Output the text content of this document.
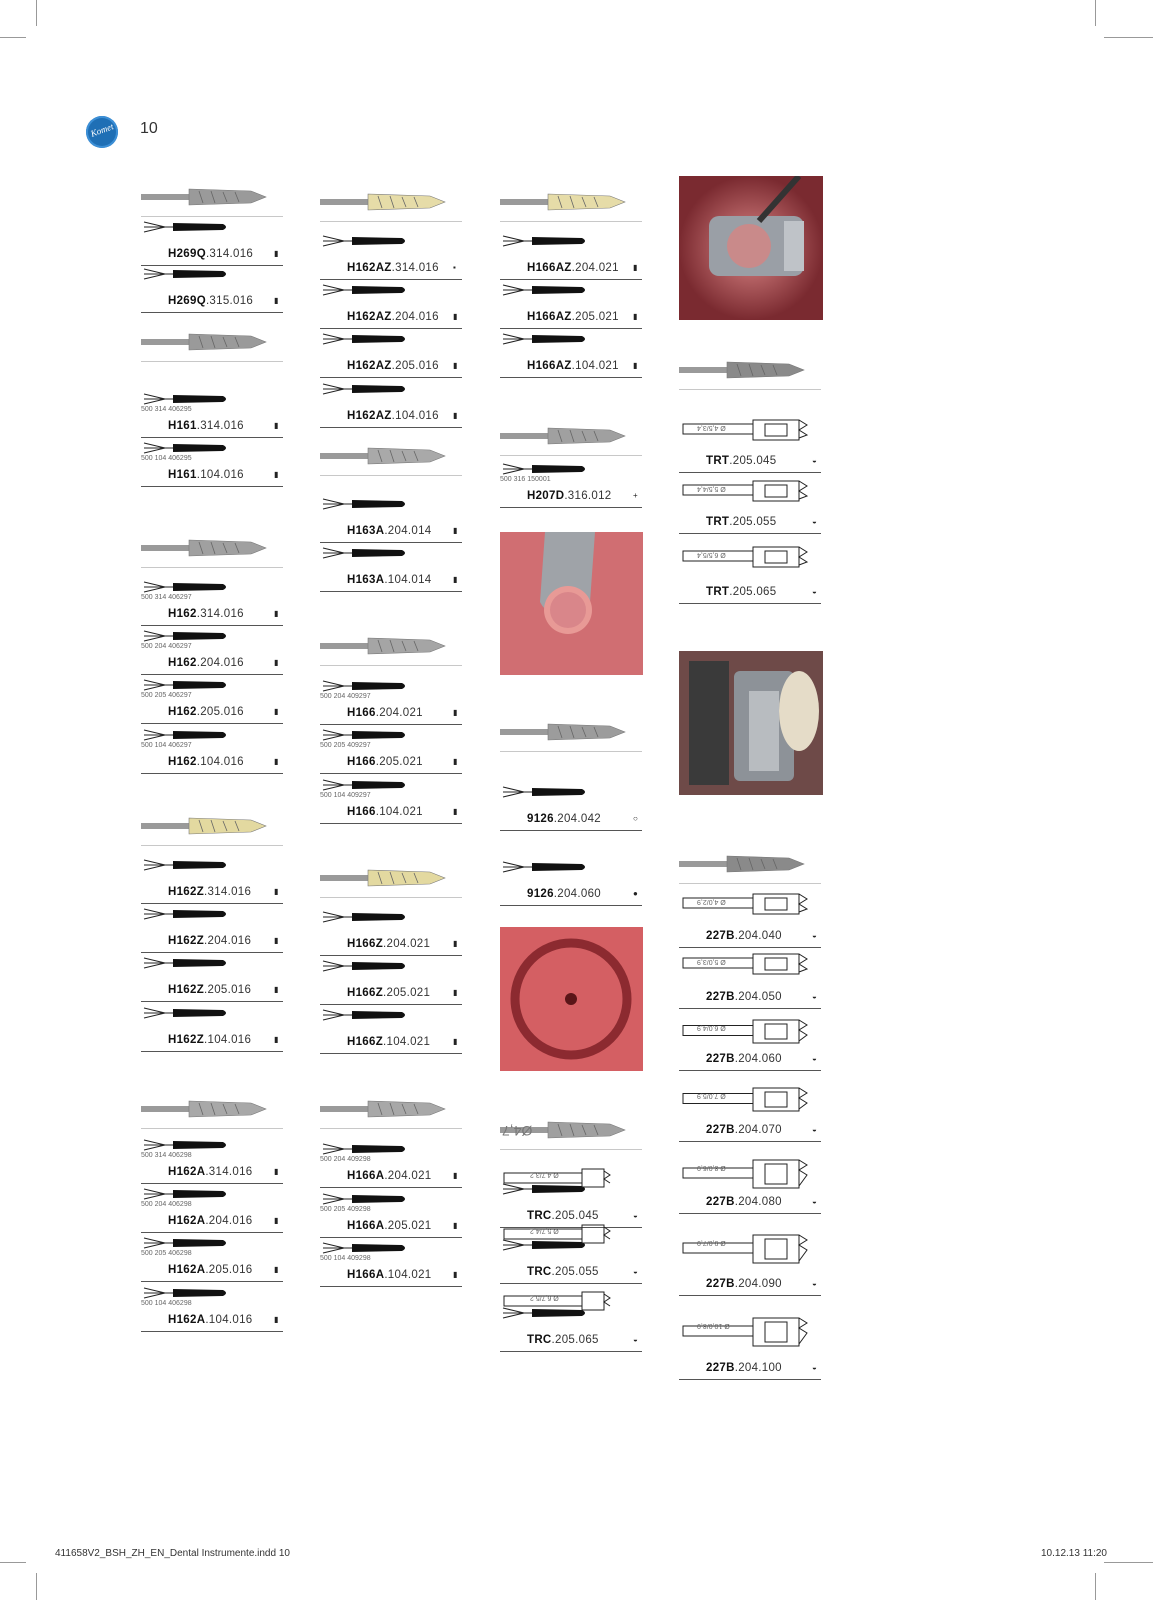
Komet 10
H269Q.314.016	▮
H269Q.315.016	▮
500 314 406295
H161.314.016	▮
500 104 406295
H161.104.016	▮
500 314 406297
H162.314.016	▮
500 204 406297
H162.204.016	▮
500 205 406297
H162.205.016	▮
500 104 406297
H162.104.016	▮
H162Z.314.016	▮
H162Z.204.016	▮
H162Z.205.016	▮
H162Z.104.016	▮
500 314 406298
H162A.314.016	▮
500 204 406298
H162A.204.016	▮
500 205 406298
H162A.205.016	▮
500 104 406298
H162A.104.016	▮
H162AZ.314.016 ▪
H162AZ.204.016 ▮
H162AZ.205.016 ▮
H162AZ.104.016 ▮
H163A.204.014	▮
H163A.104.014	▮
500 204 409297
H166.204.021	▮
500 205 409297
H166.205.021	▮
500 104 409297
H166.104.021	▮
H166Z.204.021	▮
H166Z.205.021	▮
H166Z.104.021	▮
500 204 409298
H166A.204.021	▮
500 205 409298
H166A.205.021	▮
500 104 409298
H166A.104.021	▮
H166AZ.204.021 ▮
H166AZ.205.021 ▮
H166AZ.104.021 ▮
500 316 150001
H207D.316.012	+
9126.204.042	○
9126.204.060	●
TRC.205.045	◒
TRC.205.055	◒
TRC.205.065	◒
TRT.205.045	◒
TRT.205.055	◒
TRT.205.065	◒
227B.204.040	◒
227B.204.050	◒
227B.204.060	◒
227B.204.070	◒
227B.204.080	◒
227B.204.090	◒
227B.204.100	◒
Ø 4,7/3,2
Ø 5,7/4,2
Ø 6,7/5,2
Ø4,7
Ø 4,5/3,4
Ø 5,5/4,4
Ø 6,5/5,4
Ø 4,0/2,9
Ø 5,0/3,9
Ø 6,0/4,9
Ø 7,0/5,9
Ø 8,0/6,9
Ø 9,0/7,9
Ø 10,0/8,9
411658V2_BSH_ZH_EN_Dental Instrumente.indd 10	10.12.13 11:20
